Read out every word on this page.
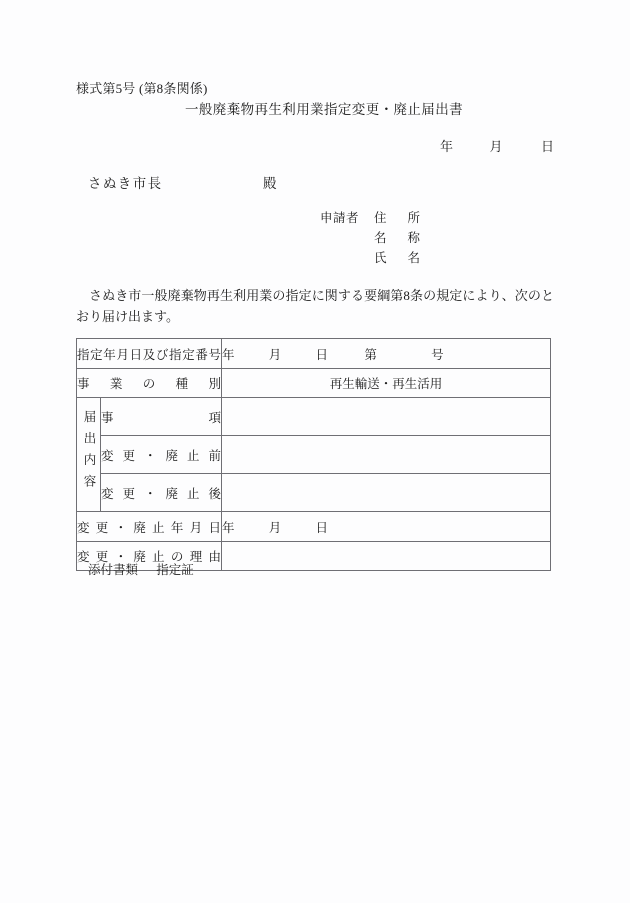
様式第5号 (第8条関係)
一般廃棄物再生利用業指定変更・廃止届出書
年	月	日
さぬき市長	殿
申請者	住所
名称
氏名
さぬき市一般廃棄物再生利用業の指定に関する要綱第8条の規定により、次のとおり届け出ます。
指定年月日及び指定番号		年 月 日 第 号
事業の種別		再生輸送・再生活用
届出内容	事項	
	変更・廃止前	
	変更・廃止後	
変更・廃止年月日		年 月 日
変更・廃止の理由		
添付書類 指定証
